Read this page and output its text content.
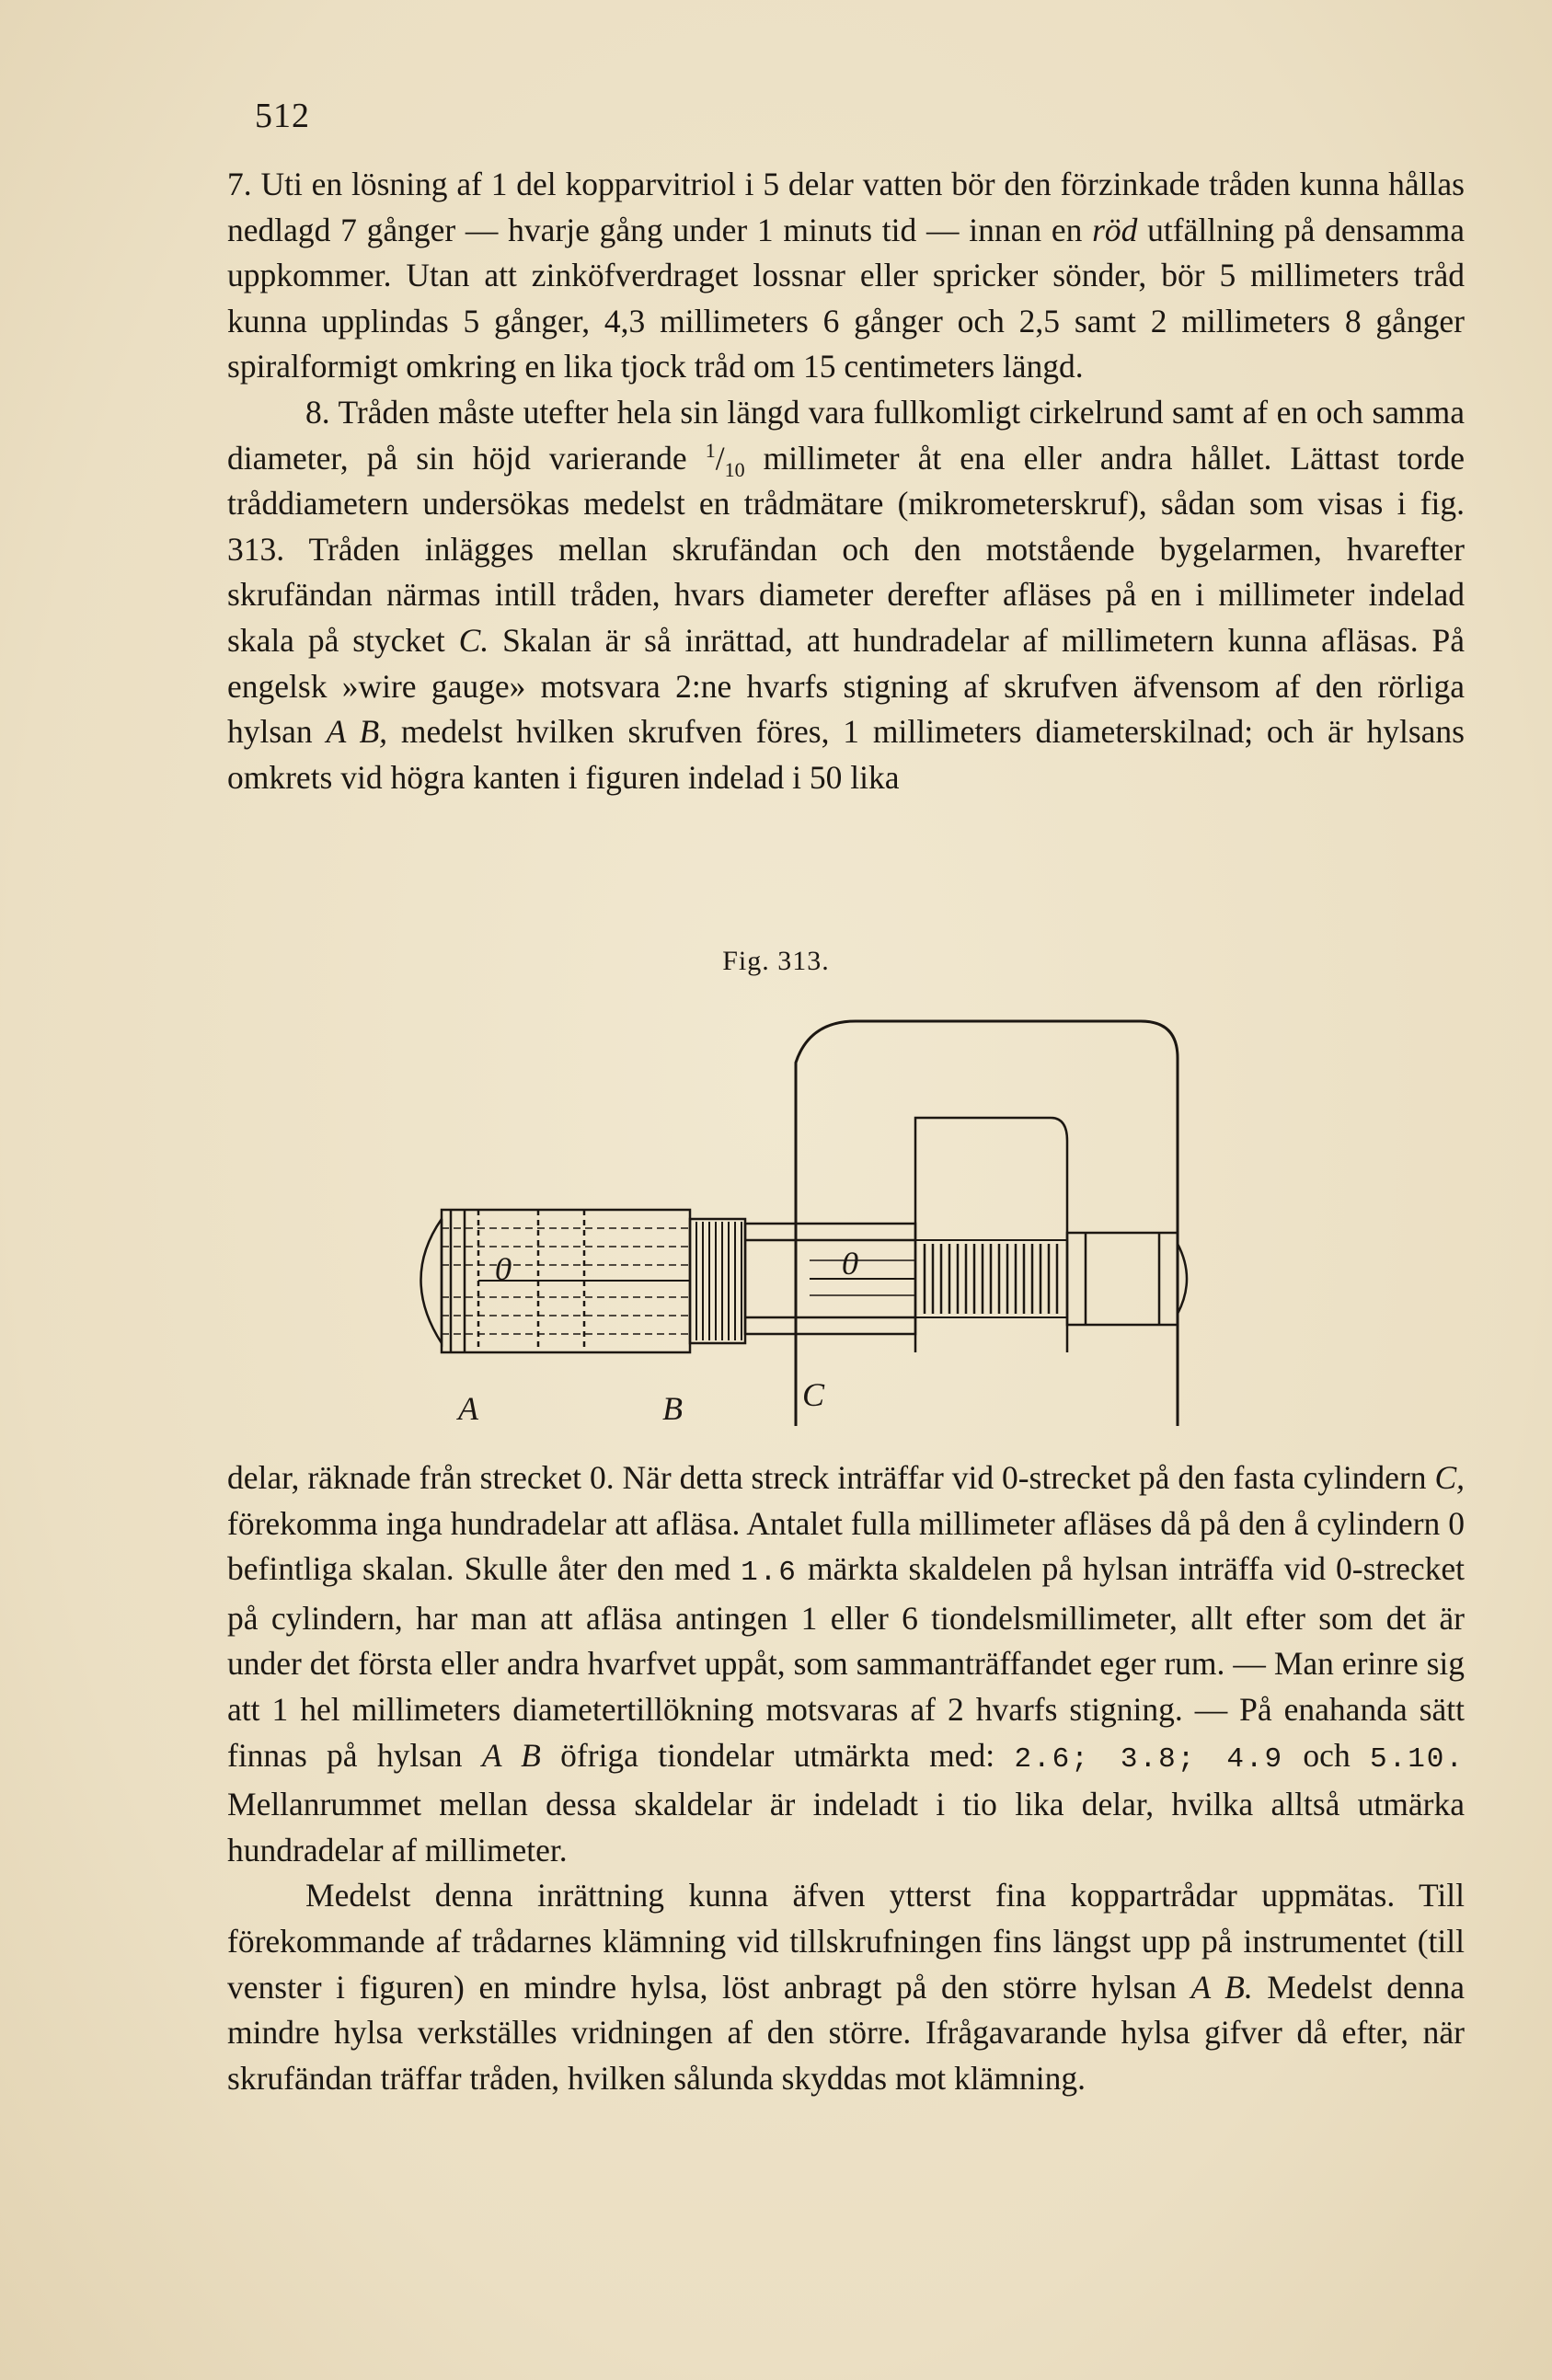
512

7. Uti en lösning af 1 del kopparvitriol i 5 delar vatten bör den förzinkade tråden kunna hållas nedlagd 7 gånger — hvarje gång under 1 minuts tid — innan en röd utfällning på densamma uppkommer. Utan att zinköfverdraget lossnar eller spricker sönder, bör 5 millimeters tråd kunna upplindas 5 gånger, 4,3 millimeters 6 gånger och 2,5 samt 2 millimeters 8 gånger spiralformigt omkring en lika tjock tråd om 15 centimeters längd.

8. Tråden måste utefter hela sin längd vara fullkomligt cirkelrund samt af en och samma diameter, på sin höjd varierande $^1/_{10}$ millimeter åt ena eller andra hållet. Lättast torde tråddiametern undersökas medelst en trådmätare (mikrometerskruf), sådan som visas i fig. 313. Tråden inlägges mellan skrufändan och den motstående bygelarmen, hvarefter skrufändan närmas intill tråden, hvars diameter derefter afläses på en i millimeter indelad skala på stycket C. Skalan är så inrättad, att hundradelar af millimetern kunna afläsas. På engelsk »wire gauge» motsvara 2:ne hvarfs stigning af skrufven äfvensom af den rörliga hylsan A B, medelst hvilken skrufven föres, 1 millimeters diameterskilnad; och är hylsans omkrets vid högra kanten i figuren indelad i 50 lika

Fig. 313.
0	0
A	B	C

delar, räknade från strecket 0. När detta streck inträffar vid 0-strecket på den fasta cylindern C, förekomma inga hundradelar att afläsa. Antalet fulla millimeter afläses då på den å cylindern 0 befintliga skalan. Skulle åter den med 1.6 märkta skaldelen på hylsan inträffa vid 0-strecket på cylindern, har man att afläsa antingen 1 eller 6 tiondelsmillimeter, allt efter som det är under det första eller andra hvarfvet uppåt, som sammanträffandet eger rum. — Man erinre sig att 1 hel millimeters diametertillökning motsvaras af 2 hvarfs stigning. — På enahanda sätt finnas på hylsan A B öfriga tiondelar utmärkta med: 2.6; 3.8; 4.9 och 5.10. Mellanrummet mellan dessa skaldelar är indeladt i tio lika delar, hvilka alltså utmärka hundradelar af millimeter.

Medelst denna inrättning kunna äfven ytterst fina koppartrådar uppmätas. Till förekommande af trådarnes klämning vid tillskrufningen fins längst upp på instrumentet (till venster i figuren) en mindre hylsa, löst anbragt på den större hylsan A B. Medelst denna mindre hylsa verkställes vridningen af den större. Ifrågavarande hylsa gifver då efter, när skrufändan träffar tråden, hvilken sålunda skyddas mot klämning.
